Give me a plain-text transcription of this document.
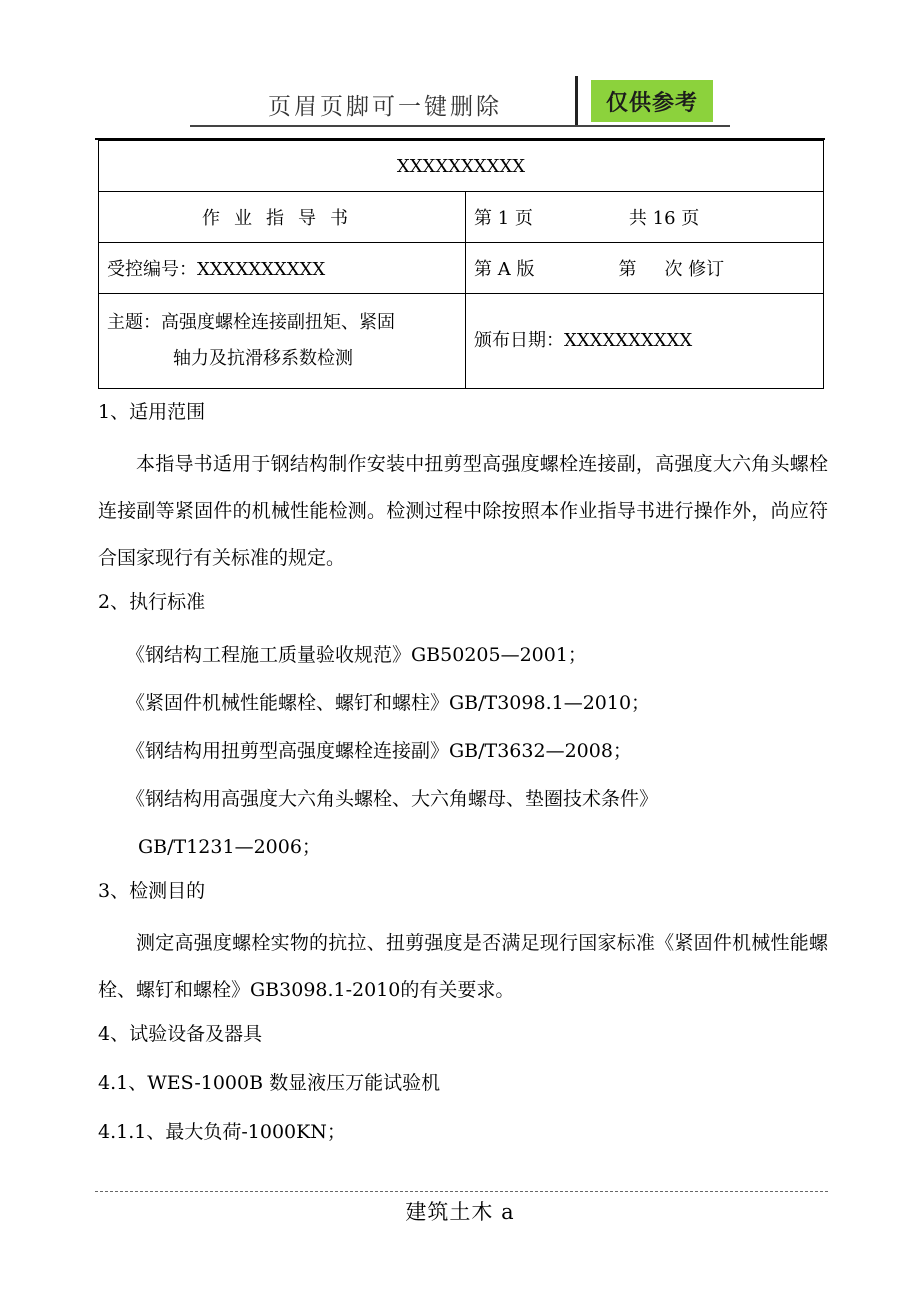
页眉页脚可一键删除	仅供参考
XXXXXXXXXX	
作业指导书	第 1 页 共 16 页
受控编号：XXXXXXXXXX	第 A 版 第 次 修订
主题：高强度螺栓连接副扭矩、紧固
轴力及抗滑移系数检测	颁布日期：XXXXXXXXXX

1、适用范围

本指导书适用于钢结构制作安装中扭剪型高强度螺栓连接副，高强度大六角头螺栓连接副等紧固件的机械性能检测。检测过程中除按照本作业指导书进行操作外，尚应符合国家现行有关标准的规定。

2、执行标准

《钢结构工程施工质量验收规范》GB50205—2001；

《紧固件机械性能螺栓、螺钉和螺柱》GB/T3098.1—2010；

《钢结构用扭剪型高强度螺栓连接副》GB/T3632—2008；

《钢结构用高强度大六角头螺栓、大六角螺母、垫圈技术条件》

GB/T1231—2006；

3、检测目的

测定高强度螺栓实物的抗拉、扭剪强度是否满足现行国家标准《紧固件机械性能螺栓、螺钉和螺栓》GB3098.1-2010的有关要求。

4、试验设备及器具

4.1、WES-1000B 数显液压万能试验机

4.1.1、最大负荷-1000KN；

建筑土木 a
